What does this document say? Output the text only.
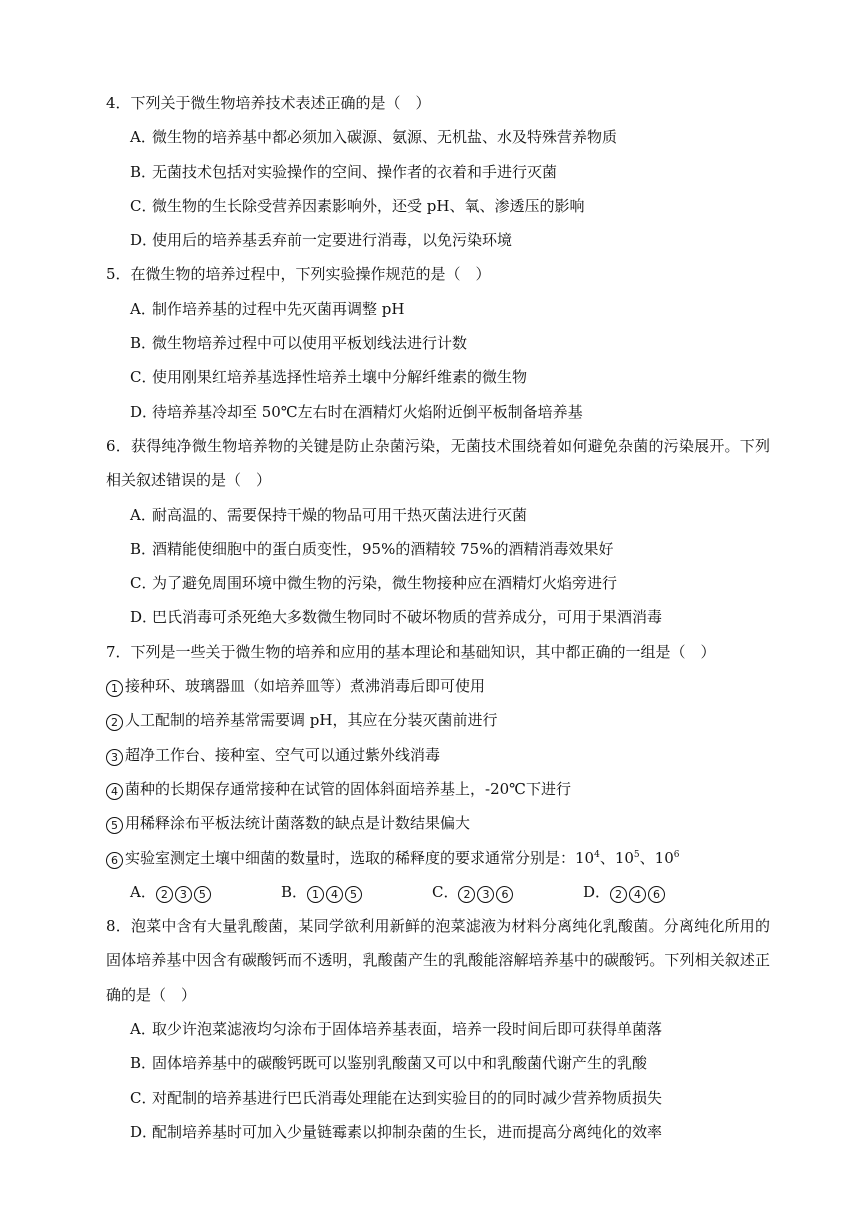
4．下列关于微生物培养技术表述正确的是（　）
A．微生物的培养基中都必须加入碳源、氨源、无机盐、水及特殊营养物质
B．无菌技术包括对实验操作的空间、操作者的衣着和手进行灭菌
C．微生物的生长除受营养因素影响外，还受 pH、氧、渗透压的影响
D．使用后的培养基丢弃前一定要进行消毒，以免污染环境
5．在微生物的培养过程中，下列实验操作规范的是（　）
A．制作培养基的过程中先灭菌再调整 pH
B．微生物培养过程中可以使用平板划线法进行计数
C．使用刚果红培养基选择性培养土壤中分解纤维素的微生物
D．待培养基冷却至 50℃左右时在酒精灯火焰附近倒平板制备培养基
6．获得纯净微生物培养物的关键是防止杂菌污染，无菌技术围绕着如何避免杂菌的污染展开。下列相关叙述错误的是（　）
A．耐高温的、需要保持干燥的物品可用干热灭菌法进行灭菌
B．酒精能使细胞中的蛋白质变性，95%的酒精较 75%的酒精消毒效果好
C．为了避免周围环境中微生物的污染，微生物接种应在酒精灯火焰旁进行
D．巴氏消毒可杀死绝大多数微生物同时不破坏物质的营养成分，可用于果酒消毒
7．下列是一些关于微生物的培养和应用的基本理论和基础知识，其中都正确的一组是（　）
1 接种环、玻璃器皿（如培养皿等）煮沸消毒后即可使用
2 人工配制的培养基常需要调 pH，其应在分装灭菌前进行
3 超净工作台、接种室、空气可以通过紫外线消毒
4 菌种的长期保存通常接种在试管的固体斜面培养基上，-20℃下进行
5 用稀释涂布平板法统计菌落数的缺点是计数结果偏大
6 实验室测定土壤中细菌的数量时，选取的稀释度的要求通常分别是：$10^4$、$10^5$、$10^6$
A． 2 3 5	B． 1 4 5	C． 2 3 6	D． 2 4 6
8．泡菜中含有大量乳酸菌，某同学欲利用新鲜的泡菜滤液为材料分离纯化乳酸菌。分离纯化所用的固体培养基中因含有碳酸钙而不透明，乳酸菌产生的乳酸能溶解培养基中的碳酸钙。下列相关叙述正确的是（　）
A．取少许泡菜滤液均匀涂布于固体培养基表面，培养一段时间后即可获得单菌落
B．固体培养基中的碳酸钙既可以鉴别乳酸菌又可以中和乳酸菌代谢产生的乳酸
C．对配制的培养基进行巴氏消毒处理能在达到实验目的的同时减少营养物质损失
D．配制培养基时可加入少量链霉素以抑制杂菌的生长，进而提高分离纯化的效率
